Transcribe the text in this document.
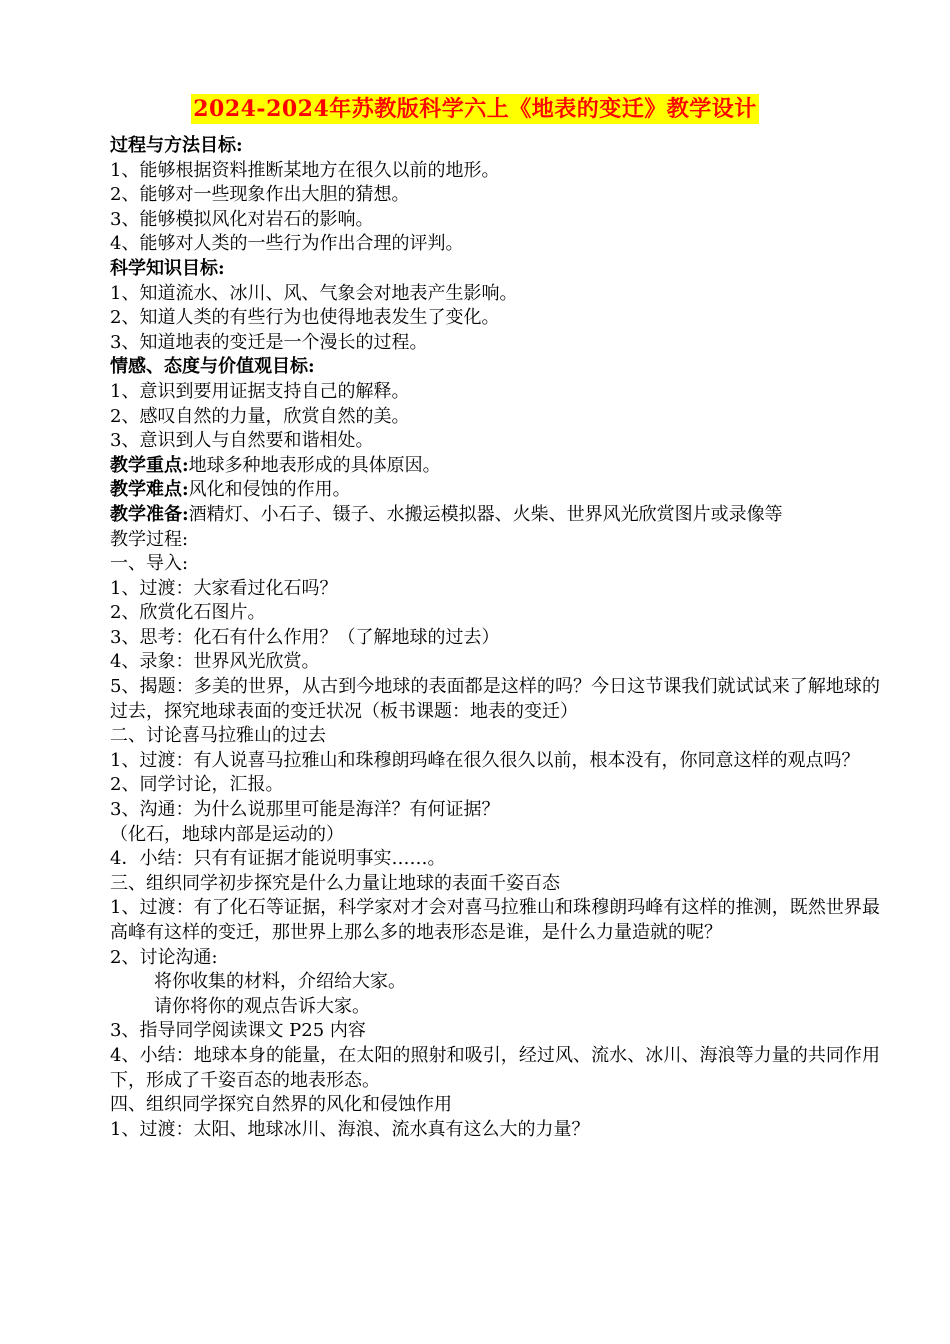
2024-2024年苏教版科学六上《地表的变迁》教学设计
过程与方法目标:
1、能够根据资料推断某地方在很久以前的地形。
2、能够对一些现象作出大胆的猜想。
3、能够模拟风化对岩石的影响。
4、能够对人类的一些行为作出合理的评判。
科学知识目标:
1、知道流水、冰川、风、气象会对地表产生影响。
2、知道人类的有些行为也使得地表发生了变化。
3、知道地表的变迁是一个漫长的过程。
情感、态度与价值观目标:
1、意识到要用证据支持自己的解释。
2、感叹自然的力量，欣赏自然的美。
3、意识到人与自然要和谐相处。
教学重点:地球多种地表形成的具体原因。
教学难点:风化和侵蚀的作用。
教学准备:酒精灯、小石子、镊子、水搬运模拟器、火柴、世界风光欣赏图片或录像等
教学过程:
一、导入:
1、过渡：大家看过化石吗？
2、欣赏化石图片。
3、思考：化石有什么作用？（了解地球的过去）
4、录象：世界风光欣赏。
5、揭题：多美的世界，从古到今地球的表面都是这样的吗？今日这节课我们就试试来了解地球的过去，探究地球表面的变迁状况（板书课题：地表的变迁）
二、讨论喜马拉雅山的过去
1、过渡：有人说喜马拉雅山和珠穆朗玛峰在很久很久以前，根本没有，你同意这样的观点吗？
2、同学讨论，汇报。
3、沟通：为什么说那里可能是海洋？有何证据？
（化石，地球内部是运动的）
4．小结：只有有证据才能说明事实……。
三、组织同学初步探究是什么力量让地球的表面千姿百态
1、过渡：有了化石等证据，科学家对才会对喜马拉雅山和珠穆朗玛峰有这样的推测，既然世界最高峰有这样的变迁，那世界上那么多的地表形态是谁，是什么力量造就的呢？
2、讨论沟通:
将你收集的材料，介绍给大家。
请你将你的观点告诉大家。
3、指导同学阅读课文 P25 内容
4、小结：地球本身的能量，在太阳的照射和吸引，经过风、流水、冰川、海浪等力量的共同作用下，形成了千姿百态的地表形态。
四、组织同学探究自然界的风化和侵蚀作用
1、过渡：太阳、地球冰川、海浪、流水真有这么大的力量？
